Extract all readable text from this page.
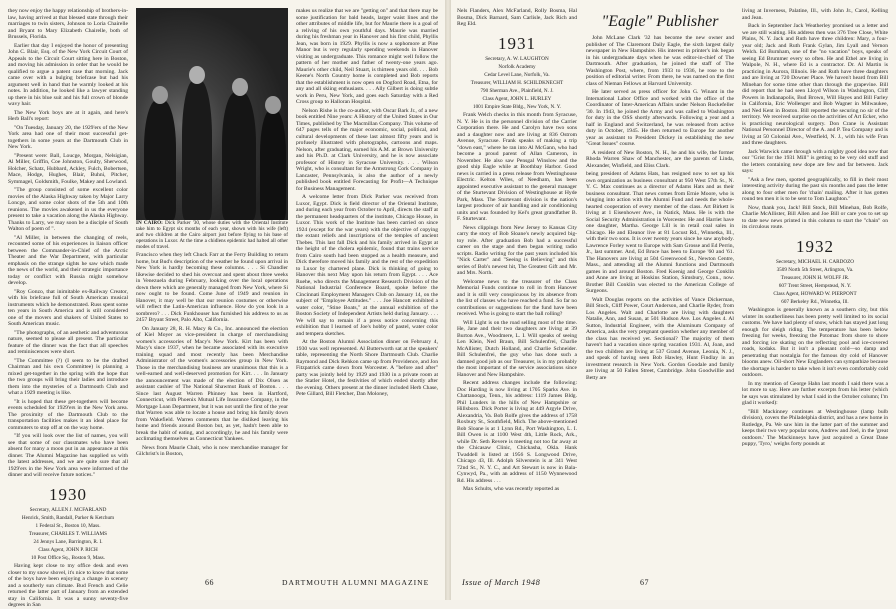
they now enjoy the happy relationship of brothers-in-law, having arrived at that blessed state through their marriages to twin sisters, Johnson to Loria Chairelle and Bryant to Mary Elizabeth Chairelle, both of Brussels, Florida.

Earlier that day I enjoyed the honor of presenting John C. Blair, Esq. of the New York Circuit Court of Appeals to the Circuit Court sitting here in Boston, and moving his admission in order that he would be qualified to argue a patent case that morning. Jack came over with a bulging briefcase but had his argument well in hand that he warmly looked at his notes. In addition, he looked like a lawyer standing up there in his blue suit and his full crown of blonde wavy hair.

The New York boys are at it again, and here's Herb Ball's report:

"On Tuesday, January 20, the 1929'ers of the New York area had one of their most successful get-togethers in some years at the Dartmouth Club in New York.

"Present were: Ball, Loucge, Morgan, Nelsigian, Al Miller, Griffin, Coe Johnston, Goulty, Sherwood, Holcher, Schatz, Hubbard, Ackley, Fulch, Bobertsen, Mace, Hodge, Hughes, Blair, Buhni, Pitcher, Symmagel, Goldsmith, Foulke, Makey and Lowland.

"The group consisted of some excellent color movies of the Alaska Highway taken by Major Larry Loncge, and some color shots of the 5th and 10th reunions. The movies awakened in us the everyone present to take a vacation along the Alaska Highway. Thanks to Larry, we may soon be a disciple of South Walton of poem of ".

"Al Miller, in between the changing of reels, recounted some of his experiences in liaison officer between the Commander-in-Chief of the Arctic Theater and the War Department, with particular emphasis on the strange sights he saw which made the news of the world, and their strategic importance today or conflict with Russia might somehow develop.

"Roy Gonzo, that inimitable ex-Railway Creator, with his briefcase full of South American musical instruments which he demonstrated. Russ spent some ten years in South America and is still considered one of the movers and shakers of United States to South American music.

"The photographs, of an aesthetic and adventurous nature, seemed to please all present. The particular feature of the dinner was the fact that all speeches and reminiscences were short.

"The Committee (?) (I seem to be the drafted Chairman and his own Committee) is planning a mixed get-together in the spring with the hope that the two groups will bring their ladies and introduce them into the mysteries of a Dartmouth Club and what a 1929 meeting is like.

"It is hoped that these get-togethers will become events scheduled for 1929'ers in the New York area. The proximity of the Dartmouth Club to the transportation facilities makes it an ideal place for commuters to stop off at on the way home.

"If you will look over the list of names, you will see that some of our classmates who have been absent for many a moon put in an appearance at this dinner. The Alumni Magazine has supplied us with the latest addresses, and we are quite sure that all 1929'ers in the New York area were informed of the dinner and will receive future notices."

1930

Secretary, ALLEN J. MCFARLAND

Henrick, Smith, Randall, Parker & Ketchum

1 Federal St., Boston 10, Mass.

Treasurer, CHARLES T. WILLIAMS

24 Jennys Lane, Barrington, R. I.

Class Agent, JOHN P. RICH

10 Post Office Sq., Boston 9, Mass.

Having kept close to my office desk and even closer to my snow shovel, it's nice to know that some of the boys have been enjoying a change in scenery and a southerly sun climate. Bud French and Celie returned the latter part of January from an extended stay in California. It was a sunny seventy-five degrees in San

IN CAIRO: Dick Parker '30, whose duties with the Oriental Institute take him to Egypt six months of each year, shown with his wife (left) and two children at the Cairo airport just before flying to his base of operations in Luxor. At the time a chidlens epidemic had halted all other modes of travel.

Francisco when they left Chuck Farr at the Ferry Building to return home, but Bud's description of the weather he found upon arrival in New York is hardly becoming these columns. . . . Si Chandler likewise decided to shed his overcoat and spent about three weeks in Venezuela during February, looking over the local operations down there which are generally managed from New York, where Si now ought to be found. Come June of 1949 and reunion in Hanover, it may well be that our reunion costumes or otherwise will reflect the Latin-American influence. How do you look in a sombrero? . . . Dick Funkhouser has furnished his address to us as 2457 Bryant Street, Palo Alto, California.

On January 28, R. H. Macy & Co., Inc. announced the election of Kiel Moyer as vice-president in charge of merchandising women's accessories of Macy's New York. Kirt has been with Macy's since 1937, when he became associated with its executive training squad and most recently has been Merchandise Administrator of the women's accessories group in New York. Those in the merchandising business are unanimous that this is a well-earned and well-deserved promotion for Kirt. . . . In January the announcement was made of the election of Dix Olsen as assistant cashier of The National Shawmut Bank of Boston. . . . Since last August Warren Phinney has been in Hartford, Connecticut, with Phoenix Mutual Life Insurance Company, in the Mortgage Loan Department, but it was not until the first of the year that Warren was able to locate a house and bring his family down from Wakefield. Warren comments that he disliked leaving his home and friends around Boston but, as yet, hadn't been able to break the habit of eating, and accordingly, he and his family were acclimating themselves as Connecticut Yankees.

News from Maurie Chait, who is now merchandise manager for Gilchrist's in Boston,

makes us realize that we are "getting on" and that there may be some justification for bald heads, larger waist lines and the other attributes of middle life, but for Maurie there is a goal of a reliving of his own youthful days. Maurie was married during his freshman year in Hanover and his first child, Phyllis Jean, was born in 1929. Phyllis is now a sophomore at Pine Manor but is very regularly spending weekends in Hanover visiting as undergraduate. This romance might well follow the pattern of her mother and father of twenty-one years ago. Maurie's other child, Neil Stuart, is thirteen years old. . . . Bob Keene's North Country home is completed and Bob reports that the establishment is now open on Dogford Road, Etna, for any and all skiing enthusiasts. . . . Ally Gilbert is doing subtle work in Peru, New York, and goes each Saturday with a Red Cross group to Halloran Hospital.

Nelson Rishe is the co-author, with Oscar Bark Jr., of a new book entitled Nine years: A History of the United States in Our Times, published by The Macmillan Company. This volume of 647 pages tells of the major economic, social, political, and cultural developments of these last almost fifty years and is profusely illustrated with photographs, cartoons and maps. Nelson, after graduating, earned his A.M. at Brown University and his Ph.D. at Clark University, and he is now associate professor of History in Syracuse University. . . . Wilson Wright, who is consultant for the Armstrong Cork Company in Lancaster, Pennsylvania, is also the author of a newly published book entitled Forecasting for Profit—A Technique for Business Management.

A welcome letter from Dick Parker was received from Luxor, Egypt. Dick is field director of the Oriental Institute, and during each year from October to April, directs the staff at the permanent headquarters of the institute, Chicago House, in Luxor. This work of the Institute has been carried on since 1924 (except for the war years) with the objective of copying the extant reliefs and inscriptions of the temples of ancient Thebes. This last fall Dick and his family arrived in Egypt at the height of the cholera epidemic, found that trains service from Cairo south had been stopped as a health measure, and Dick therefore moved his family and the rest of the expedition to Luxor by chartered plane. Dick is thinking of going to Hanover this next May upon his return from Egypt. . . . Ace Ruehe, who directs the Management Research Division of the National Industrial Conference Board, spoke before the Cincinnati Employment Managers Club on January 14, on the subject of "Employee Attitudes." . . . Joe Hancott exhibited a water color, "Stine Boats," at the annual exhibition of the Boston Society of Independent Artists held during January. . . . We will say to remain if a press notice concerning this exhibition that I learned of Joe's hobby of pastel, water color and tempera sketches.

At the Boston Alumni Association dinner on February 4, 1930 was well represented. Al Butterworth sat at the speakers' table, representing the North Shore Dartmouth Club. Charlie Raymond and Dick Rehkon came up from Providence, and Jon Fitzpatrick came down from Worcester. A "before and after" party was jointly held by 1929 and 1930 in a private room at the Statler Hotel, the festivities of which ended shortly after the evening. Others present at the dinner included Herb Chase, Pete Gillard, Bill Fletcher, Dan Moloney,

Nels Flanders, Alex McFarland, Rolly Bosma, Hal Bosma, Dick Barnard, Sam Carlisle, Jack Rich and Reg Eld.

1931

Secretary, A. W. LAUGHTON

Norfolk Academy

Cedar Level Lane, Norfolk, Va.

Treasurer, WILLIAM H. SCHILDKNECHT

790 Sherman Ave., Plainfield, N. J.

Class Agent, JOHN L. HURLEY

1001 Empire State Bldg., New York, N. Y.

Frank Welch checks in this month from Syracuse, N. Y. He is in the personnel division of the Carrier Corporation there. He and Carolyn have two sons and a daughter now and are living at 836 Ostrom Avenue, Syracuse. Frank speaks of making a trip "down east," where he ran into Al McGann, who had become a proud parent of Allan Cameron, in November. He also saw Pensgal Winslow and the good ship Eagle while at Boothbay Harbor. Good news is carried in a press release from Westinghouse Electric. Kelton Wiles, of Needham, has been appointed executive assistant to the general manager of the Sturtevant Division of Westinghouse at Hyde Park, Mass. The Sturtevant division is the nation's largest producer of air handling and air conditioning units and was founded by Kel's great grandfather B. F. Sturtevant.

News clippings from New Jersey to Kansas City carry the story of Bob Sloane's newly acquired big-toy role. After graduation Bob had a successful career on the stage and then began writing radio scripts. Radio writing for the past years included his "Nick Carter" and "Seeing is Believing" and this series of Bob's newest hit, The Greatest Gift and Mr. and Mrs. North.

Welcome news to the treasurer of the Class Memorial Funds continue to roll in from Hanover and it is still very conspicuous by its absence from the list of classes who have reached a fund. So far no contributions or suggestions for the fund have been received. Who is going to start the ball rolling?

Will Light is on the road selling most of the time. He, Jane and their two daughters are living at 39 Burton Ave., Woodmere, L. I. Will speaks of seeing Len Klein, Ned Braun, Bill Schulenfrei, Charlie McAllister, Dutch Holland, and Charlie Schneider. Bill Schulenfrei, the guy who has done such a damned good job as our Treasurer, is in my probably the most important of the service associations since Hanover and New Hampshire.

Recent address changes include the following: Doc Harding is now living at 1705 Sparks Ave. in Chattanooga, Tenn., his address: 1119 James Bldg. Phil Lunders in the hills of New Hampshire or Hillsboro. Dick Porter is living at 449 Argyle Drive, Alexandria, Va. Bob Rolfe gives the address of 1758 Roxbury St., Southfield, Mich. The above-mentioned Bob Sloane is at 1 Lynn Rd., Port Washington, L. I. Bill Owen is at 1100 West 4th, Little Rock, Ark., while Dr. Seth Revere is meeting not too far away at the Chicasaw Clinic, Chickasha, Okla. Hank Twaddell is listed at 1956 S. Longwood Drive, Chicago 43, Ill. Adolph Silverstein is at 341 West 72nd St., N. Y. C., and Art Stewart is now in Bala-Cynwyd, Pa., with an address of 1150 Wynnewood Rd. His address . . .

Max Schults, who was recently reported as

"Eagle" Publisher

John McLane Clark '32 has become the new owner and publisher of The Claremont Daily Eagle, the sixth largest daily newspaper in New Hampshire. His interest in printer's ink began in his undergraduate days when he was editor-in-chief of The Dartmouth. After graduation, he joined the staff of The Washington Post, where, from 1933 to 1936, he rose to the position of editorial writer. From there, he was named on the first class of Nieman Fellows at Harvard University.

He later served as press officer for John G. Winant in the International Labor Office and worked with the office of the Coordinator of Inter-American Affairs under Nelson Rockefeller '30. In 1943, he joined the Army and was called to Washington for duty in the OSS shortly afterwards. Following a year and a half in England and Switzerland, he was released from active duty in October, 1945. He then returned to Europe for another year as assistant to President Dickey in establishing the new "Great Issues" course.

A resident of New Boston, N. H., he and his wife, the former Rhoda Warren Shaw of Manchester, are the parents of Linda, Alexander, Winfield, and Eliss Clark.

being president of Adams Hats, has resigned now to set up his own organization as business consultant at 950 West 57th St., N. Y. C. Max continues as a director of Adams Hats and as their business consultant. That news comes from Ernie Moore, who is winging into action with the Alumni Fund and needs the whole-hearted cooperation of every member of the class. Art Birkett is living at 1 Eisenhower Ave., in Natick, Mass. He is with the Social Security Administration in Worcester. He and Harriet have one daughter, Martha. George Lill is in retail coal sales in Chicago. He and Eleanor live at 81 Locust Rd., Winnetka, Ill., with their two sons. It is over twenty years since he saw anybody. Lawrence Forley went to Europe with Sam Grosse and Ed Perrin, Jr., last summer. And, Ed Bruce has been to Europe '60 and '61. The Hanovers are living at 504 Greenwood St., Newton Centre, Mass., and attending all the Alumni functions and Dartmouth games in and around Boston. Fred Koenig and George Conklin and Anne are living at Hoskins Station, Simsbury, Conn., now. Brother Bill Conklin was elected to the American College of Surgeons.

Walt Douglas reports on the activities of Vance Dickerman, Bill Stock, Cliff Power, Court Anderson, and Charlie Ryder, from Los Angeles. Walt and Charlotte are living with daughters Natalie, Ann, and Susan, at 501 Hudson Ave. Los Angeles 4. Al Sutton, Industrial Engineer, with the Aluminum Company of America, asks the very pregnant question whether any member of the class has received yet. Sectional? The majority of them haven't had a vacation since spring vacation 1931. Al, Joan, and the two children are living at 537 Grand Avenue, Leonia, N. J., and speak of having seen Bob Hawley, Hunt Findlay in an investment research in New York. Gordon Goodale and family are living at 50 Fallen Street, Cambridge. John Goodwillie and Betty are

living at Inverness, Palatine, Ill., with John Jr., Carol, Kelling and Jean.

Back in September Jack Weatherley promised us a letter and we are still waiting. His address then was 376 Tree Close, White Plains, N. Y. Jack and Ruth have three children: Mary, a four-year old; Jack and Ruth Frank Gylan, Jim Lyall and Vernon Welch. Ed Burnham, one of the "no vacation" boys, speaks of seeing Ed Brummer every so often. He and Ethel are living in Walpole, N. H., where Ed is a contractor. Dr. Al Martin is practicing in Aurora, Illinois. He and Ruth have three daughters and are living at 720 Downer Place. We haven't heard from Bill Minehan for some time other than through the grapevine. Bill did report that he had seen Lloyd Wilson in Washington, Cliff Powers in Indianapolis, Bud Brown, Will Hayes and Bill Farley in California, Eric Wollenger and Bob Wagner in Milwaukee, and Ned Kent in Boston. Bill reported the securing no sir of the territory. We received surprise on the activities of Art Ecker, who is practicing neurological surgery. Don Crane is Assistant National Personnel Director of the A. and P. Tea Company and is living at 50 Colonial Ave., Westfield, N. J., with his wife Fran and three daughters.

Jack Warwick came through with a mighty good idea now that our "Grist for the 1931 Mill" is getting to be very old stuff and the letters containing new dope are few and far between. Jack says:

"Ask a few men, spotted geographically, to fill in their most interesting activity during the past six months and pass the letter along to four other men for 'chain' mailing. After it has gotten round ten men it is to be sent to Tom Laughton."

Now, thank you, Jack! Bill Stock, Bill Minehan, Bob Rolfe, Charlie McAllister, Bill Allen and Joe Bill or care you to set up to date new news printed in this column to start the "chain" on its circulous route.

1932

Secretary, MICHAEL H. CARDOZO

3509 North 5th Street, Arlington, Va.

Treasurer, JOHN H. WOLFF JR.

607 Trent Street, Hempstead, N. Y.

Class Agent, HOWARD W. PIERPONT

607 Berkeley Rd., Winnetka, Ill.

Washington is generally known as a southern city, but this winter its southerliness has been pretty well limited to its social customs. We have had plenty of snow, which has stayed just long enough for sleigh riding. The temperature has been below freezing for weeks, freezing the Potomac from shore to shore and forcing ice skating on the reflecting pool and ice-covered roads, kodaks. But it isn't a pleasant cold—so damp and penetrating that nostalgia for the famous dry cold of Hanover blooms anew. Oil-short New Englanders can sympathize because the shortage is harder to take when it isn't even comfortably cold outdoors.

In my mention of George Hahn last month I said there was a lot more to say. Here are further excerpts from his letter (which he says was stimulated by what I said in the October column; I'm glad it worked):

"Bill Mackinney continues at Westinghouse (lamp bulb division), covers the Philadelphia district, and has a new home in Rutledge, Pa. We saw him in the latter part of the summer and keeps their two very popular sons, Andrew and Joel, in the 'great outdoors.' The Mackinneys have just acquired a Great Dane puppy, 'Tyro,' weighs forty pounds at

66	DARTMOUTH ALUMNI MAGAZINE	Issue of March 1948	67
